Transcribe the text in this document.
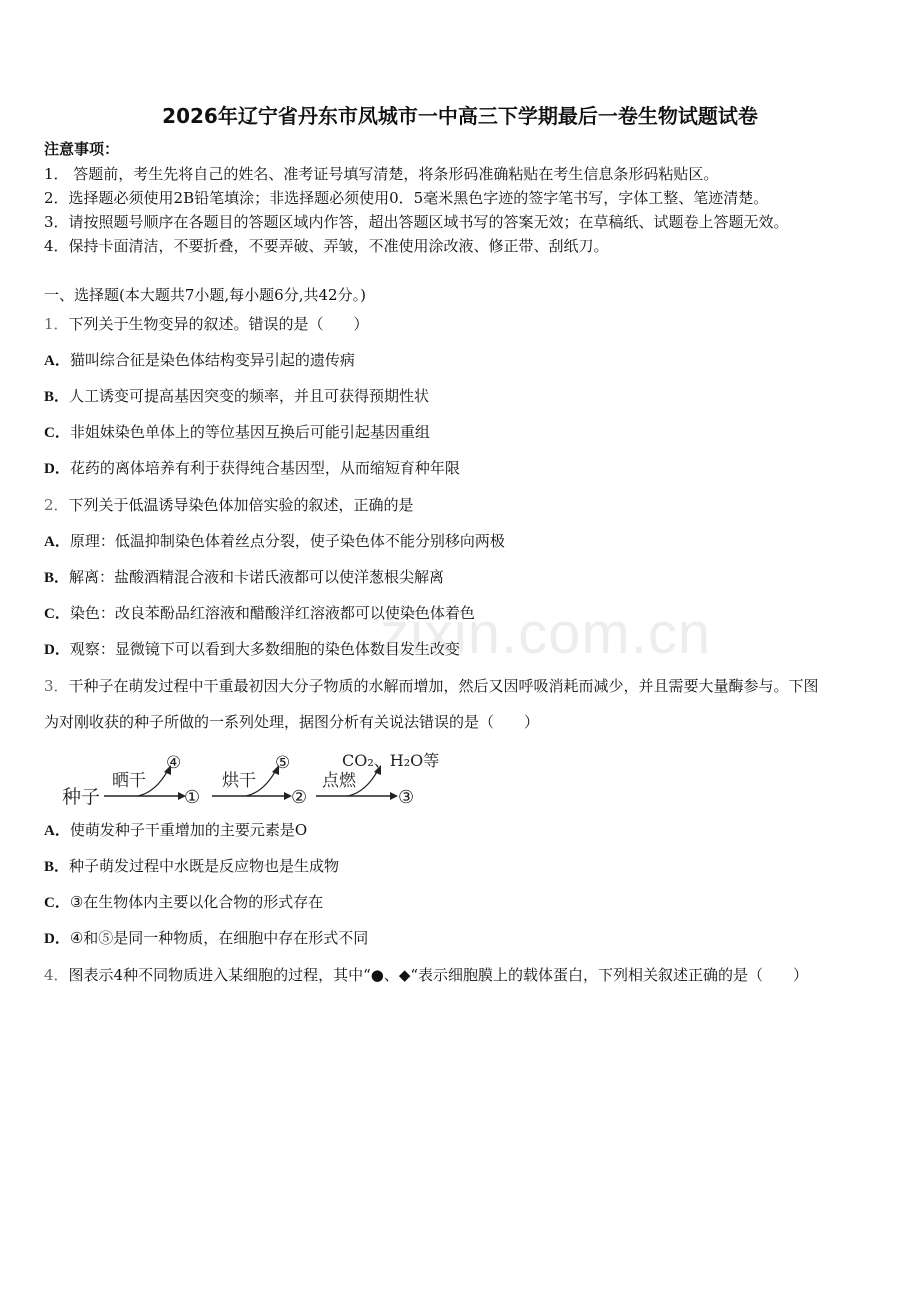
zixin.com.cn
2026年辽宁省丹东市凤城市一中高三下学期最后一卷生物试题试卷
注意事项：
1． 答题前，考生先将自己的姓名、准考证号填写清楚，将条形码准确粘贴在考生信息条形码粘贴区。
2．选择题必须使用2B铅笔填涂；非选择题必须使用0．5毫米黑色字迹的签字笔书写，字体工整、笔迹清楚。
3．请按照题号顺序在各题目的答题区域内作答，超出答题区域书写的答案无效；在草稿纸、试题卷上答题无效。
4．保持卡面清洁，不要折叠，不要弄破、弄皱，不准使用涂改液、修正带、刮纸刀。
一、选择题(本大题共7小题,每小题6分,共42分。)
1．下列关于生物变异的叙述。错误的是（　　）
A．猫叫综合征是染色体结构变异引起的遗传病
B．人工诱变可提高基因突变的频率，并且可获得预期性状
C．非姐妹染色单体上的等位基因互换后可能引起基因重组
D．花药的离体培养有利于获得纯合基因型，从而缩短育种年限
2．下列关于低温诱导染色体加倍实验的叙述，正确的是
A．原理：低温抑制染色体着丝点分裂，使子染色体不能分别移向两极
B．解离：盐酸酒精混合液和卡诺氏液都可以使洋葱根尖解离
C．染色：改良苯酚品红溶液和醋酸洋红溶液都可以使染色体着色
D．观察：显微镜下可以看到大多数细胞的染色体数目发生改变
3．干种子在萌发过程中干重最初因大分子物质的水解而增加，然后又因呼吸消耗而减少，并且需要大量酶参与。下图
为对刚收获的种子所做的一系列处理，据图分析有关说法错误的是（　　）
种子
晒干
④
①
烘干
⑤
②
点燃
CO₂、H₂O等
③
A．使萌发种子干重增加的主要元素是O
B．种子萌发过程中水既是反应物也是生成物
C．③在生物体内主要以化合物的形式存在
D．④和⑤是同一种物质，在细胞中存在形式不同
4．图表示4种不同物质进入某细胞的过程，其中“●、◆“表示细胞膜上的载体蛋白，下列相关叙述正确的是（　　）
